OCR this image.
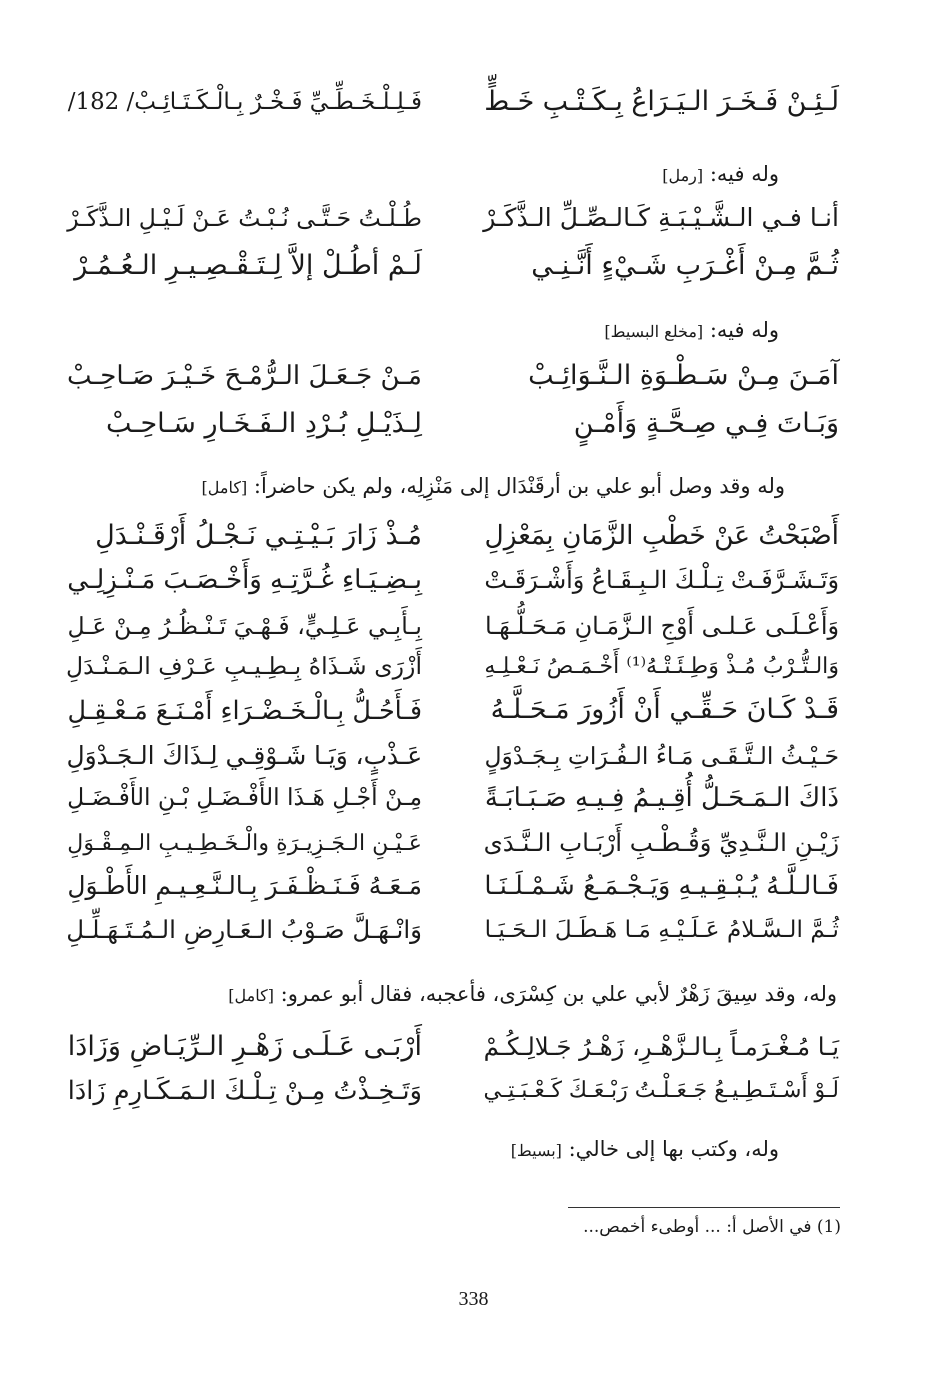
لَـئِـنْ فَـخَـرَ الـيَـرَاعُ بِـكَـتْـبِ خَـطٍّ
فَـلِـلْـخَـطِّـيِّ فَـخْـرٌ بِـالْـكَـتَـائِـبْ/ 182/
وله فيه: [رمل]
أنـا فـي الـشَّـيْـبَـةِ كَـالـصِّـلِّ الـذَّكَـرْ
طُـلْـتُ حَـتَّـى نُـبْـتُ عَـنْ لَـيْـلِ الـذَّكَـرْ
ثُـمَّ مِـنْ أَغْـرَبِ شَـيْءٍ أَنَّـنِـي
لَـمْ أطُـلْ إلاَّ لِـتَـقْـصِـيـرِ الـعُـمُـرْ
وله فيه: [مخلع البسيط]
آمَـنَ مِـنْ سَـطْـوَةِ الـنَّـوَائِـبْ
مَـنْ جَـعَـلَ الـرُّمْـحَ خَـيْـرَ صَـاحِـبْ
وَبَـاتَ فِـي صِـحَّـةٍ وَأَمْـنٍ
لِـذَيْـلِ بُـرْدِ الـفَـخَـارِ سَـاحِـبْ
وله وقد وصل أبو علي بن أرقَنْدَال إلى مَنْزِلِه، ولم يكن حاضراً: [كامل]
أَصْبَحْتُ عَنْ خَطْبِ الزَّمَانِ بِمَعْزِلِ
مُـذْ زَارَ بَـيْـتِـي نَـجْـلُ أَرْقَـنْـدَلِ
وَتَـشَـرَّفَـتْ تِـلْـكَ الـبِـقَـاعُ وَأَشْـرَقَـتْ
بِـضِـيَـاءِ غُـرَّتِـهِ وَأَخْـصَـبَ مَـنْـزِلِـي
وَأَعْـلَـى عَـلـى أَوْجِ الـزَّمَـانِ مَـحَـلُّـهَـا
بِـأَبِـي عَـلِـيٍّ، فَـهْـيَ تَـنْـظُـرُ مِـنْ عَـلِ
وَالـتُّـرْبُ مُـذْ وَطِـئَـتْـهُ⁽¹⁾ أَخْـمَـصُ نَـعْـلِـهِ
أَزْرَى شَـذَاهُ بِـطِـيـبِ عَـرْفِ الـمَـنْـدَلِ
قَـدْ كَـانَ حَـقِّـي أَنْ أَزُورَ مَـحَـلَّـهُ
فَـأَحُـلُّ بِـالْـخَـضْـرَاءِ أَمْـنَـعَ مَـعْـقِـلِ
حَـيْـثُ الـتَّـقَـى مَـاءُ الـفُـرَاتِ بِـجَـدْوَلٍ
عَـذْبٍ، وَيَـا شَـوْقِـي لِـذَاكَ الـجَـدْوَلِ
ذَاكَ الـمَـحَـلُّ أُقِـيـمُ فِـيـهِ صَـبَـابَـةً
مِـنْ أَجْـلِ هَـذَا الأَفْـضَـلِ بْـنِ الأَفْـضَـلِ
زَيْـنِ الـنَّـدِيِّ وَقُـطْـبِ أَرْبَـابِ الـنَّـدَى
عَـيْـنِ الـجَـزِيـرَةِ والْـخَـطِـيـبِ الـمِـقْـوَلِ
فَـالـلَّـهُ يُـبْـقِـيـهِ وَيَـجْـمَـعُ شَـمْـلَـنَـا
مَـعَـهُ فَـنَـظْـفَـرَ بِـالـنَّـعِـيـمِ الأَطْـوَلِ
ثُـمَّ الـسَّـلامُ عَـلَـيْـهِ مَـا هَـطَـلَ الـحَـيَـا
وَانْـهَـلَّ صَـوْبُ الـعَـارِضِ الـمُـتَـهَـلِّـلِ
وله، وقد سِيقَ زَهْرٌ لأبي علي بن كِسْرَى، فأعجبه، فقال أبو عمرو: [كامل]
يَـا مُـغْـرَمـاً بِـالـزَّهْـرِ، زَهْـرُ جَـلالِـكُـمْ
أَرْبَـى عَـلَـى زَهْـرِ الـرِّيَـاضِ وَزَادَا
لَـوْ أَسْـتَـطِـيـعُ جَـعَـلْـتُ رَبْـعَـكَ كَـعْـبَـتِـي
وَتَـخِـذْتُ مِـنْ تِـلْـكَ الـمَـكَـارِمِ زَادَا
وله، وكتب بها إلى خالي: [بسيط]
(1) في الأصل أ: ... أوطىء أخمص...
338
